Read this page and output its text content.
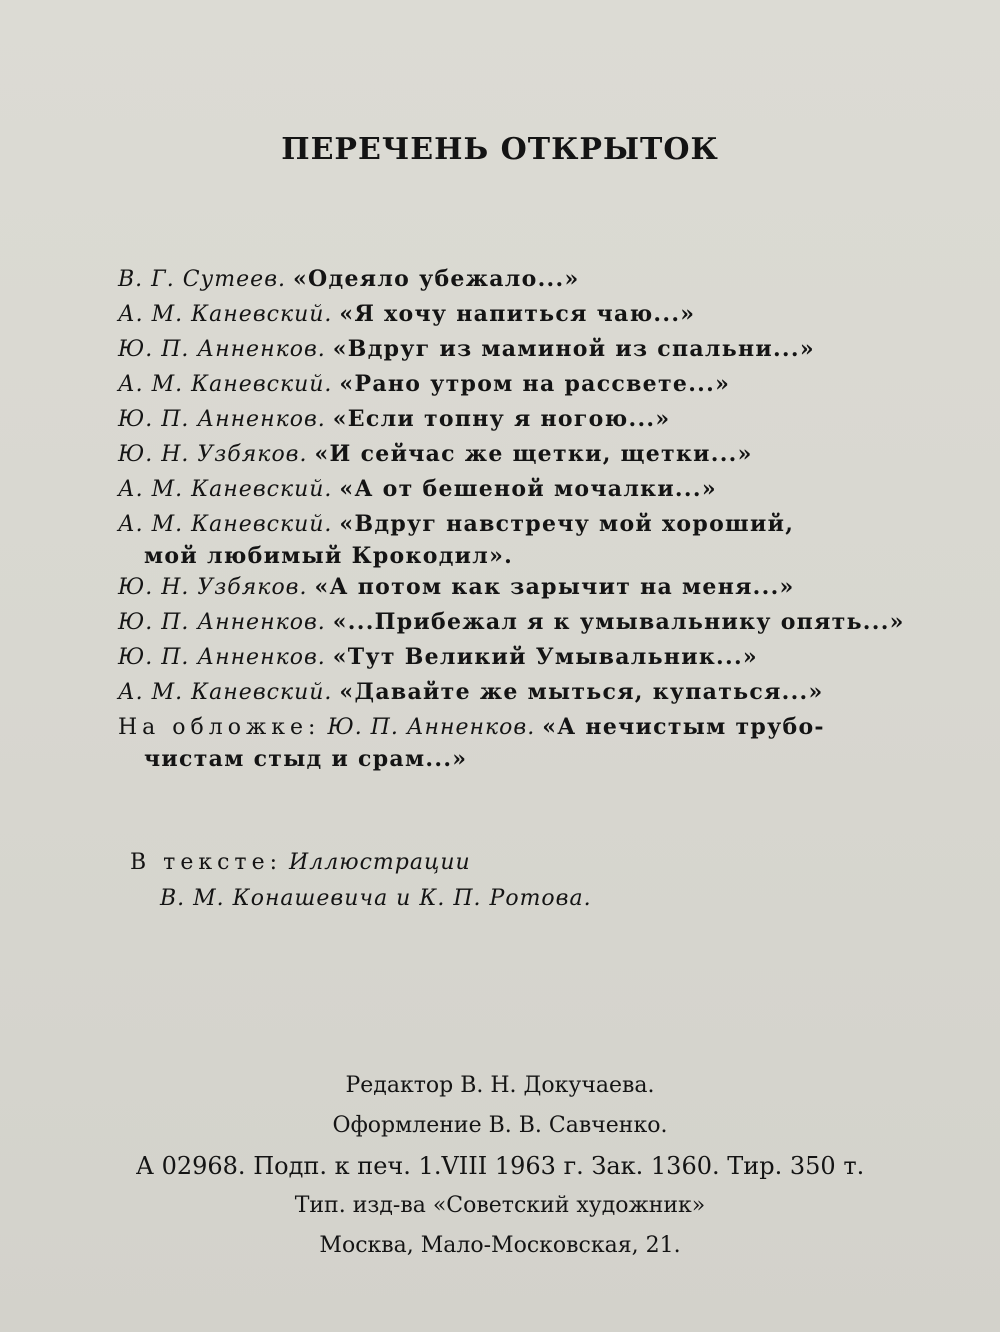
ПЕРЕЧЕНЬ ОТКРЫТОК
В. Г. Сутеев. «Одеяло убежало...»
А. М. Каневский. «Я хочу напиться чаю...»
Ю. П. Анненков. «Вдруг из маминой из спальни...»
А. М. Каневский. «Рано утром на рассвете...»
Ю. П. Анненков. «Если топну я ногою...»
Ю. Н. Узбяков. «И сейчас же щетки, щетки...»
А. М. Каневский. «А от бешеной мочалки...»
А. М. Каневский. «Вдруг навстречу мой хороший,
мой любимый Крокодил».
Ю. Н. Узбяков. «А потом как зарычит на меня...»
Ю. П. Анненков. «...Прибежал я к умывальнику опять...»
Ю. П. Анненков. «Тут Великий Умывальник...»
А. М. Каневский. «Давайте же мыться, купаться...»
На обложке: Ю. П. Анненков. «А нечистым трубо-
чистам стыд и срам...»
В тексте: Иллюстрации
В. М. Конашевича и К. П. Ротова.
Редактор В. Н. Докучаева.
Оформление В. В. Савченко.
А 02968. Подп. к печ. 1.VIII 1963 г. Зак. 1360. Тир. 350 т.
Тип. изд-ва «Советский художник»
Москва, Мало-Московская, 21.
